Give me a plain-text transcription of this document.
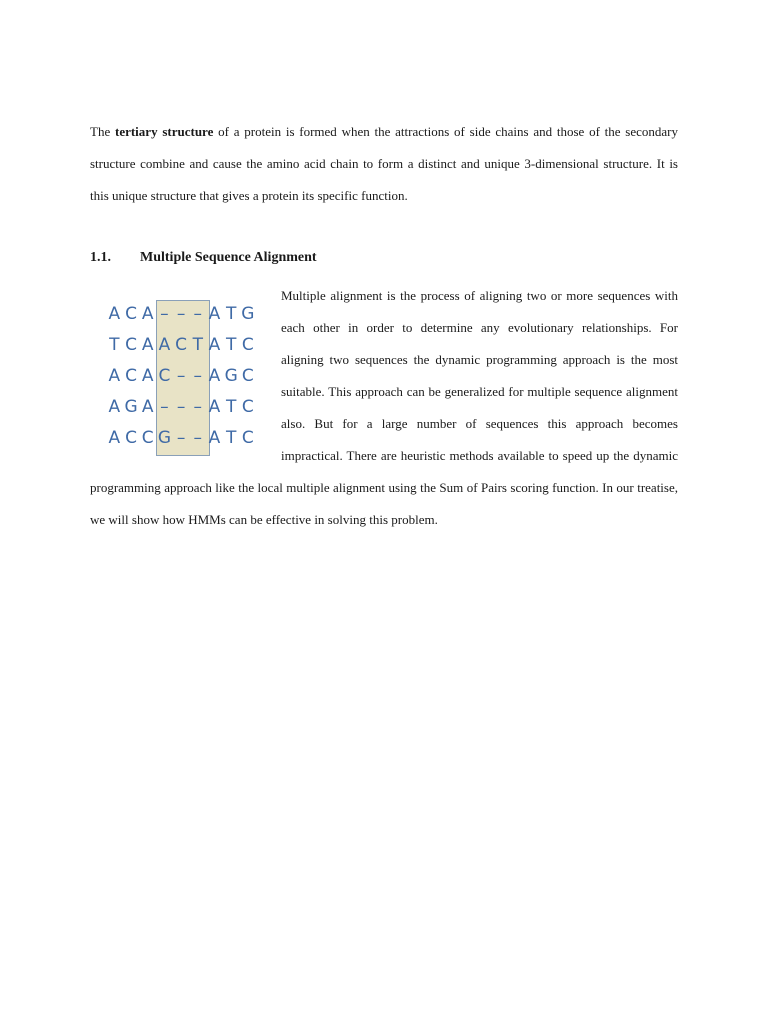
The tertiary structure of a protein is formed when the attractions of side chains and those of the secondary
structure combine and cause the amino acid chain to form a distinct and unique 3-dimensional structure. It is
this unique structure that gives a protein its specific function.

1.1. Multiple Sequence Alignment
A C A – – – A T G
T C A A C T A T C
A C A C – – A G C
A G A – – – A T C
A C C G – – A T C

Multiple alignment is the process of aligning two or more sequences with
each other in order to determine any evolutionary relationships. For
aligning two sequences the dynamic programming approach is the most
suitable. This approach can be generalized for multiple sequence alignment
also. But for a large number of sequences this approach becomes
impractical. There are heuristic methods available to speed up the dynamic

programming approach like the local multiple alignment using the Sum of Pairs scoring function. In our treatise,
we will show how HMMs can be effective in solving this problem.
